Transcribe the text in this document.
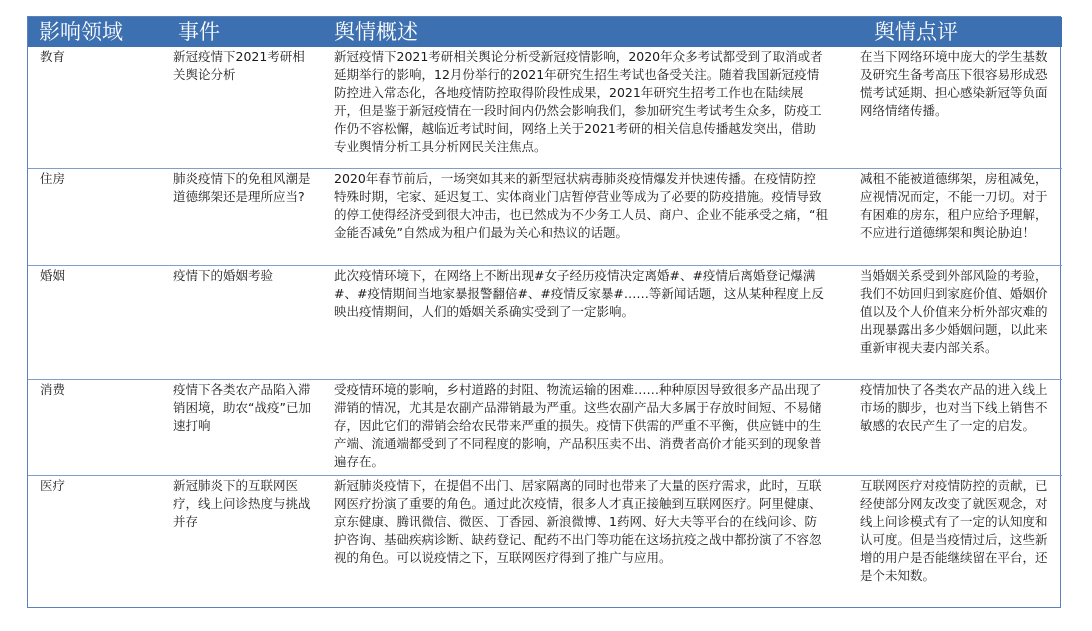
影响领域	事件	舆情概述	舆情点评
教育	新冠疫情下2021考研相关舆论分析	新冠疫情下2021考研相关舆论分析受新冠疫情影响，2020年众多考试都受到了取消或者延期举行的影响，12月份举行的2021年研究生招生考试也备受关注。随着我国新冠疫情防控进入常态化，各地疫情防控取得阶段性成果，2021年研究生招考工作也在陆续展开，但是鉴于新冠疫情在一段时间内仍然会影响我们，参加研究生考试考生众多，防疫工作仍不容松懈，越临近考试时间，网络上关于2021考研的相关信息传播越发突出，借助专业舆情分析工具分析网民关注焦点。	在当下网络环境中庞大的学生基数及研究生备考高压下很容易形成恐慌考试延期、担心感染新冠等负面网络情绪传播。
住房	肺炎疫情下的免租风潮是道德绑架还是理所应当?	2020年春节前后，一场突如其来的新型冠状病毒肺炎疫情爆发并快速传播。在疫情防控特殊时期，宅家、延迟复工、实体商业门店暂停营业等成为了必要的防疫措施。疫情导致的停工使得经济受到很大冲击，也已然成为不少务工人员、商户、企业不能承受之痛，“租金能否减免”自然成为租户们最为关心和热议的话题。	减租不能被道德绑架，房租减免，应视情况而定，不能一刀切。对于有困难的房东，租户应给予理解，不应进行道德绑架和舆论胁迫！
婚姻	疫情下的婚姻考验	此次疫情环境下，在网络上不断出现#女子经历疫情决定离婚#、#疫情后离婚登记爆满#、#疫情期间当地家暴报警翻倍#、#疫情反家暴#……等新闻话题，这从某种程度上反映出疫情期间，人们的婚姻关系确实受到了一定影响。	当婚姻关系受到外部风险的考验，我们不妨回归到家庭价值、婚姻价值以及个人价值来分析外部灾难的出现暴露出多少婚姻问题，以此来重新审视夫妻内部关系。
消费	疫情下各类农产品陷入滞销困境，助农“战疫”已加速打响	受疫情环境的影响，乡村道路的封阻、物流运输的困难……种种原因导致很多产品出现了滞销的情况，尤其是农副产品滞销最为严重。这些农副产品大多属于存放时间短、不易储存，因此它们的滞销会给农民带来严重的损失。疫情下供需的严重不平衡，供应链中的生产端、流通端都受到了不同程度的影响，产品积压卖不出、消费者高价才能买到的现象普遍存在。	疫情加快了各类农产品的进入线上市场的脚步，也对当下线上销售不敏感的农民产生了一定的启发。
医疗	新冠肺炎下的互联网医疗，线上问诊热度与挑战并存	新冠肺炎疫情下，在提倡不出门、居家隔离的同时也带来了大量的医疗需求，此时，互联网医疗扮演了重要的角色。通过此次疫情，很多人才真正接触到互联网医疗。阿里健康、京东健康、腾讯微信、微医、丁香园、新浪微博、1药网、好大夫等平台的在线问诊、防护咨询、基础疾病诊断、缺药登记、配药不出门等功能在这场抗疫之战中都扮演了不容忽视的角色。可以说疫情之下，互联网医疗得到了推广与应用。	互联网医疗对疫情防控的贡献，已经使部分网友改变了就医观念，对线上问诊模式有了一定的认知度和认可度。但是当疫情过后，这些新增的用户是否能继续留在平台，还是个未知数。
